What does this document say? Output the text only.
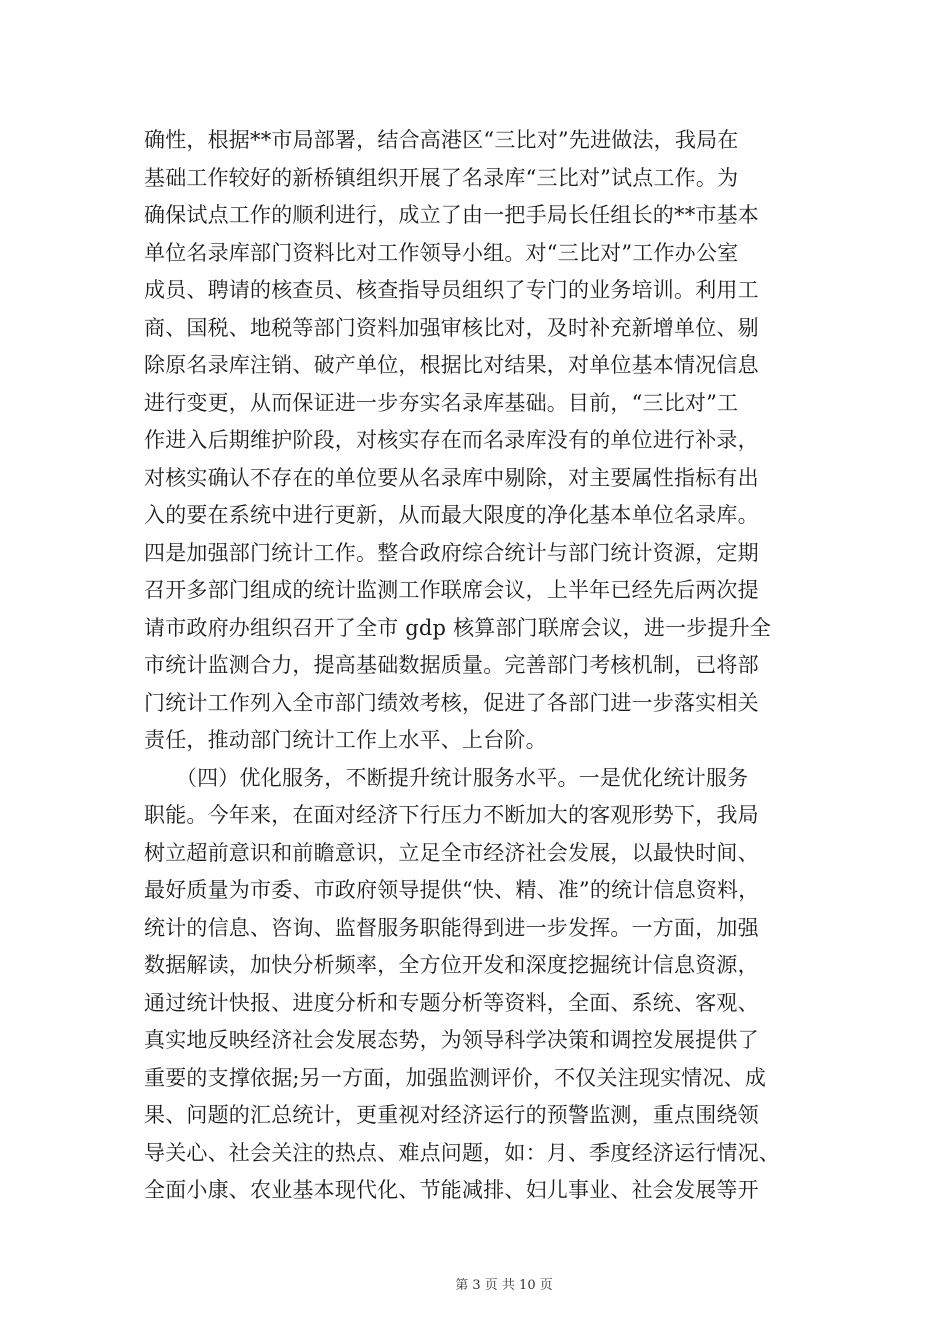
确性，根据**市局部署，结合高港区“三比对”先进做法，我局在
基础工作较好的新桥镇组织开展了名录库“三比对”试点工作。为
确保试点工作的顺利进行，成立了由一把手局长任组长的**市基本
单位名录库部门资料比对工作领导小组。对“三比对”工作办公室
成员、聘请的核查员、核查指导员组织了专门的业务培训。利用工
商、国税、地税等部门资料加强审核比对，及时补充新增单位、剔
除原名录库注销、破产单位，根据比对结果，对单位基本情况信息
进行变更，从而保证进一步夯实名录库基础。目前，“三比对”工
作进入后期维护阶段，对核实存在而名录库没有的单位进行补录，
对核实确认不存在的单位要从名录库中剔除，对主要属性指标有出
入的要在系统中进行更新，从而最大限度的净化基本单位名录库。
四是加强部门统计工作。整合政府综合统计与部门统计资源，定期
召开多部门组成的统计监测工作联席会议，上半年已经先后两次提
请市政府办组织召开了全市 gdp 核算部门联席会议，进一步提升全
市统计监测合力，提高基础数据质量。完善部门考核机制，已将部
门统计工作列入全市部门绩效考核，促进了各部门进一步落实相关
责任，推动部门统计工作上水平、上台阶。
　　（四）优化服务，不断提升统计服务水平。一是优化统计服务
职能。今年来，在面对经济下行压力不断加大的客观形势下，我局
树立超前意识和前瞻意识，立足全市经济社会发展，以最快时间、
最好质量为市委、市政府领导提供“快、精、准”的统计信息资料，
统计的信息、咨询、监督服务职能得到进一步发挥。一方面，加强
数据解读，加快分析频率，全方位开发和深度挖掘统计信息资源，
通过统计快报、进度分析和专题分析等资料，全面、系统、客观、
真实地反映经济社会发展态势，为领导科学决策和调控发展提供了
重要的支撑依据;另一方面，加强监测评价，不仅关注现实情况、成
果、问题的汇总统计，更重视对经济运行的预警监测，重点围绕领
导关心、社会关注的热点、难点问题，如：月、季度经济运行情况、
全面小康、农业基本现代化、节能减排、妇儿事业、社会发展等开
第 3 页 共 10 页
